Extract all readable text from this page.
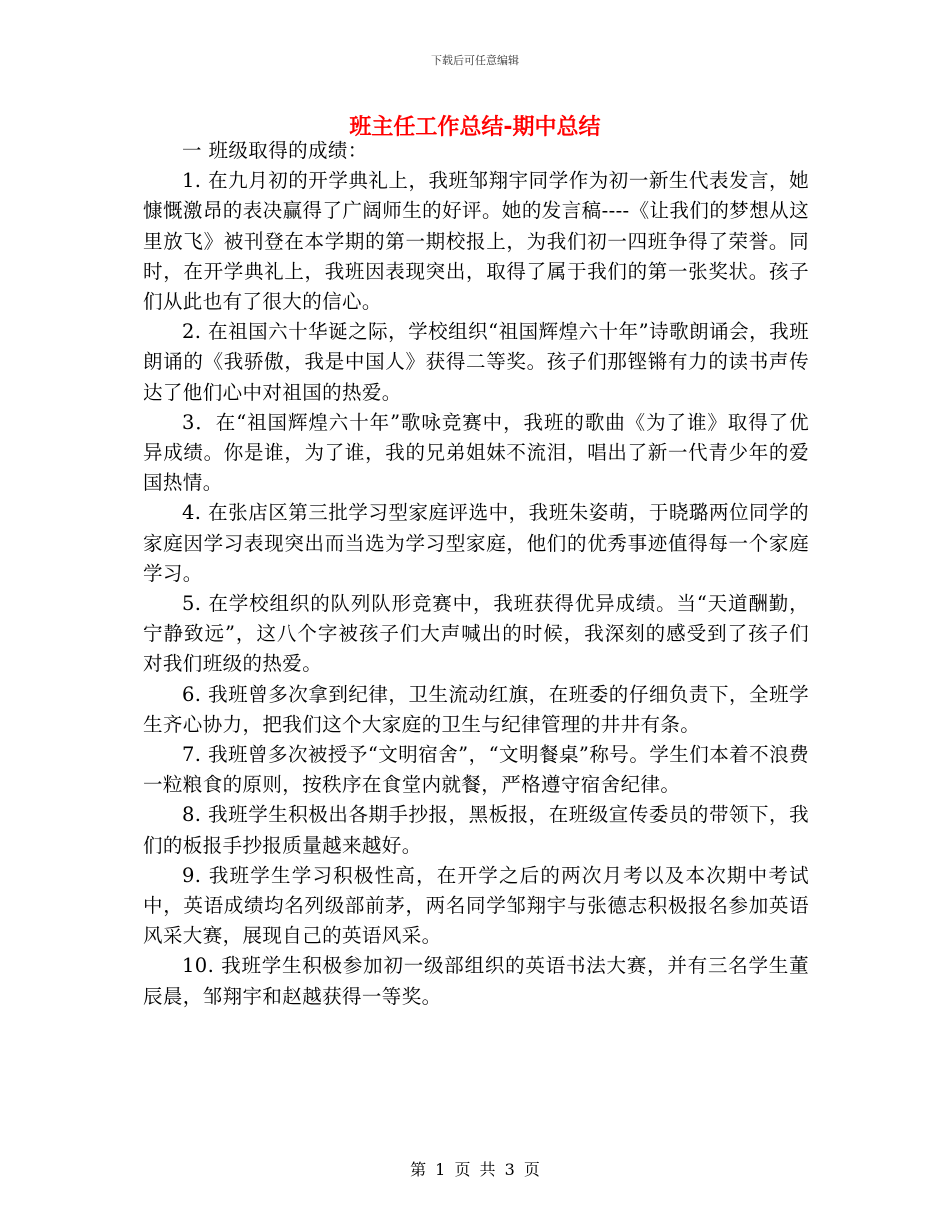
下载后可任意编辑
班主任工作总结-期中总结

一 班级取得的成绩：

1. 在九月初的开学典礼上，我班邹翔宇同学作为初一新生代表发言，她慷慨激昂的表决赢得了广阔师生的好评。她的发言稿----《让我们的梦想从这里放飞》被刊登在本学期的第一期校报上，为我们初一四班争得了荣誉。同时，在开学典礼上，我班因表现突出，取得了属于我们的第一张奖状。孩子们从此也有了很大的信心。

2. 在祖国六十华诞之际，学校组织“祖国辉煌六十年”诗歌朗诵会，我班朗诵的《我骄傲，我是中国人》获得二等奖。孩子们那铿锵有力的读书声传达了他们心中对祖国的热爱。

3．在“祖国辉煌六十年”歌咏竞赛中，我班的歌曲《为了谁》取得了优异成绩。你是谁，为了谁，我的兄弟姐妹不流泪，唱出了新一代青少年的爱国热情。

4. 在张店区第三批学习型家庭评选中，我班朱姿萌，于晓璐两位同学的家庭因学习表现突出而当选为学习型家庭，他们的优秀事迹值得每一个家庭学习。

5. 在学校组织的队列队形竞赛中，我班获得优异成绩。当“天道酬勤，宁静致远”，这八个字被孩子们大声喊出的时候，我深刻的感受到了孩子们对我们班级的热爱。

6. 我班曾多次拿到纪律，卫生流动红旗，在班委的仔细负责下，全班学生齐心协力，把我们这个大家庭的卫生与纪律管理的井井有条。

7. 我班曾多次被授予“文明宿舍”，“文明餐桌”称号。学生们本着不浪费一粒粮食的原则，按秩序在食堂内就餐，严格遵守宿舍纪律。

8. 我班学生积极出各期手抄报，黑板报，在班级宣传委员的带领下，我们的板报手抄报质量越来越好。

9. 我班学生学习积极性高，在开学之后的两次月考以及本次期中考试中，英语成绩均名列级部前茅，两名同学邹翔宇与张德志积极报名参加英语风采大赛，展现自己的英语风采。

10. 我班学生积极参加初一级部组织的英语书法大赛，并有三名学生董辰晨，邹翔宇和赵越获得一等奖。

第 1 页 共 3 页
